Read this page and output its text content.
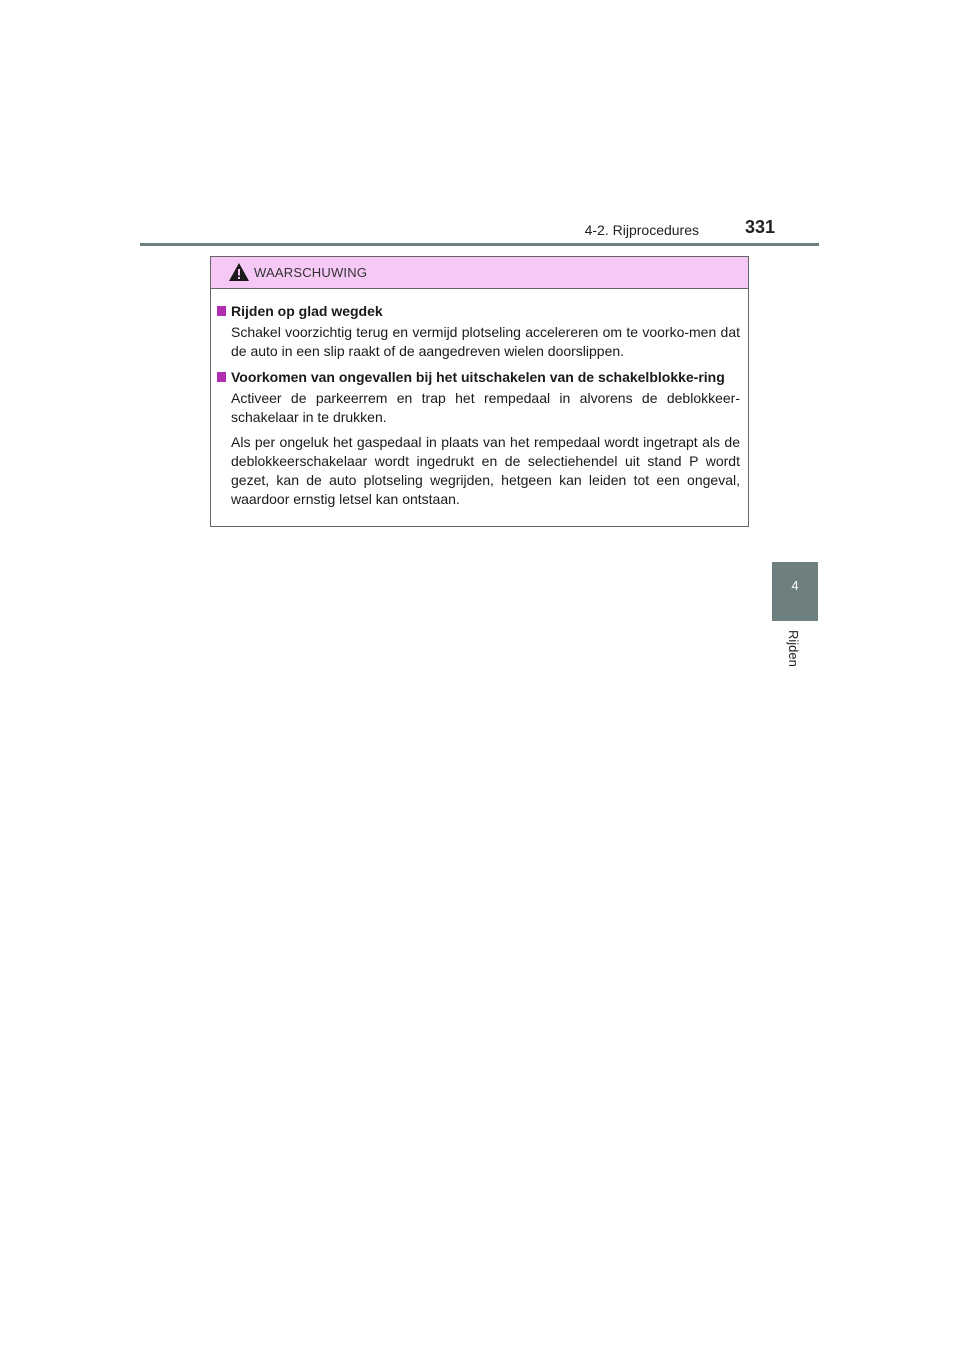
4-2. Rijprocedures	331
4
Rijden
WAARSCHUWING
Rijden op glad wegdek

Schakel voorzichtig terug en vermijd plotseling accelereren om te voorko-men dat de auto in een slip raakt of de aangedreven wielen doorslippen.

Voorkomen van ongevallen bij het uitschakelen van de schakelblokke-ring

Activeer de parkeerrem en trap het rempedaal in alvorens de deblokkeer-schakelaar in te drukken.

Als per ongeluk het gaspedaal in plaats van het rempedaal wordt ingetrapt als de deblokkeerschakelaar wordt ingedrukt en de selectiehendel uit stand P wordt gezet, kan de auto plotseling wegrijden, hetgeen kan leiden tot een ongeval, waardoor ernstig letsel kan ontstaan.
